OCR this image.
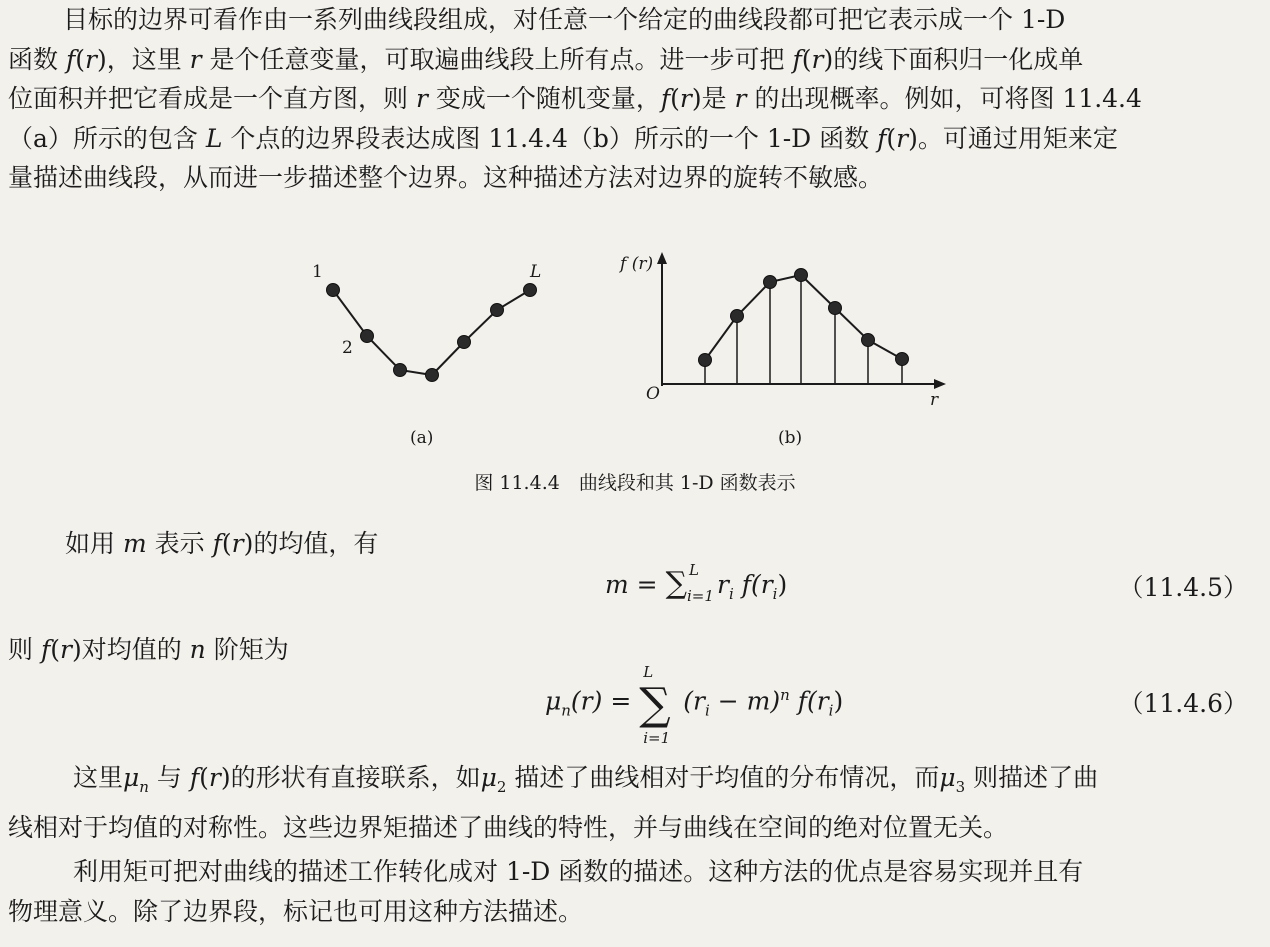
目标的边界可看作由一系列曲线段组成，对任意一个给定的曲线段都可把它表示成一个 1-D
函数 f(r)，这里 r 是个任意变量，可取遍曲线段上所有点。进一步可把 f(r)的线下面积归一化成单
位面积并把它看成是一个直方图，则 r 变成一个随机变量，f(r)是 r 的出现概率。例如，可将图 11.4.4
（a）所示的包含 L 个点的边界段表达成图 11.4.4（b）所示的一个 1-D 函数 f(r)。可通过用矩来定
量描述曲线段，从而进一步描述整个边界。这种描述方法对边界的旋转不敏感。
1
2
L
(a)
f (r)
O	r
(b)
图 11.4.4　曲线段和其 1-D 函数表示
如用 m 表示 f(r)的均值，有
m = ∑ L
i=1 $r_i$ $f(r_i)$	（11.4.5）
则 f(r)对均值的 n 阶矩为
$\mu_n(r)$ =
L
∑
i=1
$(r_i - m)^n$ $f(r_i)$	（11.4.6）
这里$\mu_n$ 与 f(r)的形状有直接联系，如$\mu_2$ 描述了曲线相对于均值的分布情况，而$\mu_3$ 则描述了曲
线相对于均值的对称性。这些边界矩描述了曲线的特性，并与曲线在空间的绝对位置无关。
利用矩可把对曲线的描述工作转化成对 1-D 函数的描述。这种方法的优点是容易实现并且有
物理意义。除了边界段，标记也可用这种方法描述。
